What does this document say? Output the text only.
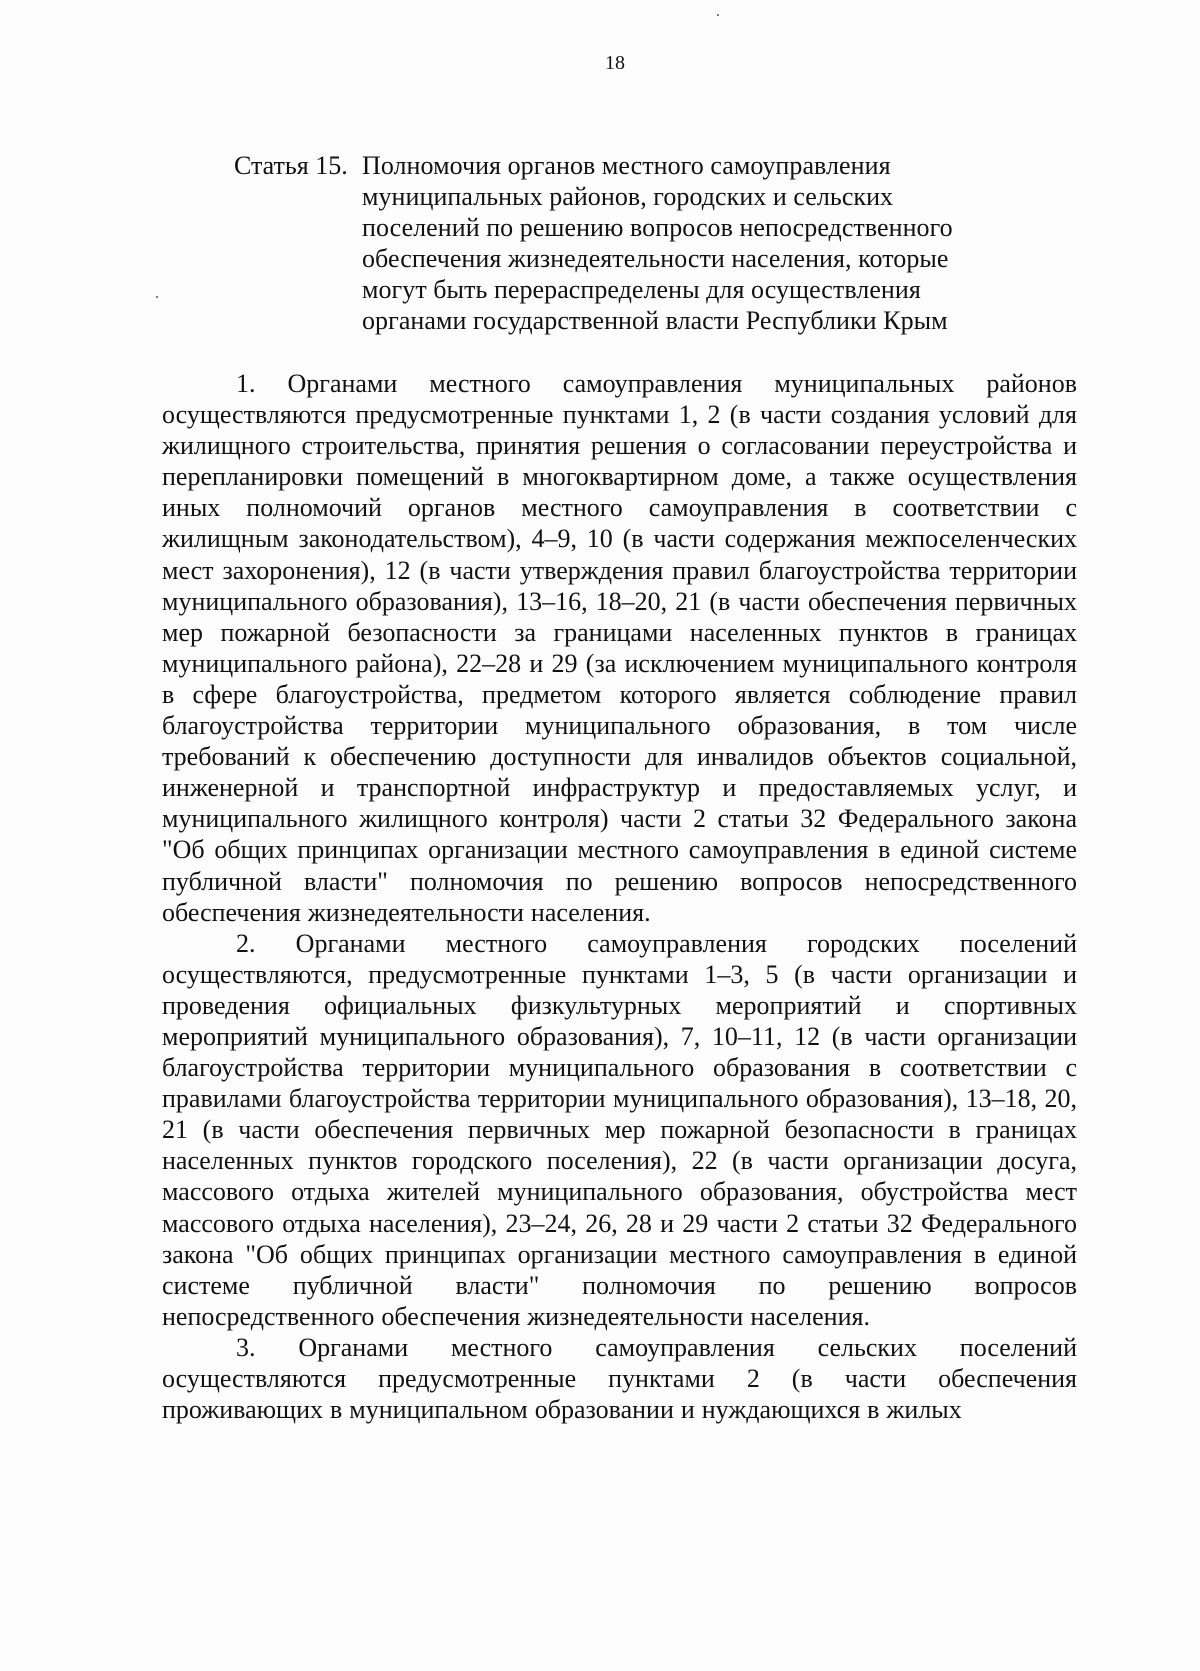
18
Статья 15. Полномочия органов местного самоуправления муниципальных районов, городских и сельских поселений по решению вопросов непосредственного обеспечения жизнедеятельности населения, которые могут быть перераспределены для осуществления органами государственной власти Республики Крым

1. Органами местного самоуправления муниципальных районов осуществляются предусмотренные пунктами 1, 2 (в части создания условий для жилищного строительства, принятия решения о согласовании переустройства и перепланировки помещений в многоквартирном доме, а также осуществления иных полномочий органов местного самоуправления в соответствии с жилищным законодательством), 4–9, 10 (в части содержания межпоселенческих мест захоронения), 12 (в части утверждения правил благоустройства территории муниципального образования), 13–16, 18–20, 21 (в части обеспечения первичных мер пожарной безопасности за границами населенных пунктов в границах муниципального района), 22–28 и 29 (за исключением муниципального контроля в сфере благоустройства, предметом которого является соблюдение правил благоустройства территории муниципального образования, в том числе требований к обеспечению доступности для инвалидов объектов социальной, инженерной и транспортной инфраструктур и предоставляемых услуг, и муниципального жилищного контроля) части 2 статьи 32 Федерального закона "Об общих принципах организации местного самоуправления в единой системе публичной власти" полномочия по решению вопросов непосредственного обеспечения жизнедеятельности населения.

2. Органами местного самоуправления городских поселений осуществляются, предусмотренные пунктами 1–3, 5 (в части организации и проведения официальных физкультурных мероприятий и спортивных мероприятий муниципального образования), 7, 10–11, 12 (в части организации благоустройства территории муниципального образования в соответствии с правилами благоустройства территории муниципального образования), 13–18, 20, 21 (в части обеспечения первичных мер пожарной безопасности в границах населенных пунктов городского поселения), 22 (в части организации досуга, массового отдыха жителей муниципального образования, обустройства мест массового отдыха населения), 23–24, 26, 28 и 29 части 2 статьи 32 Федерального закона "Об общих принципах организации местного самоуправления в единой системе публичной власти" полномочия по решению вопросов непосредственного обеспечения жизнедеятельности населения.

3. Органами местного самоуправления сельских поселений осуществляются предусмотренные пунктами 2 (в части обеспечения проживающих в муниципальном образовании и нуждающихся в жилых
